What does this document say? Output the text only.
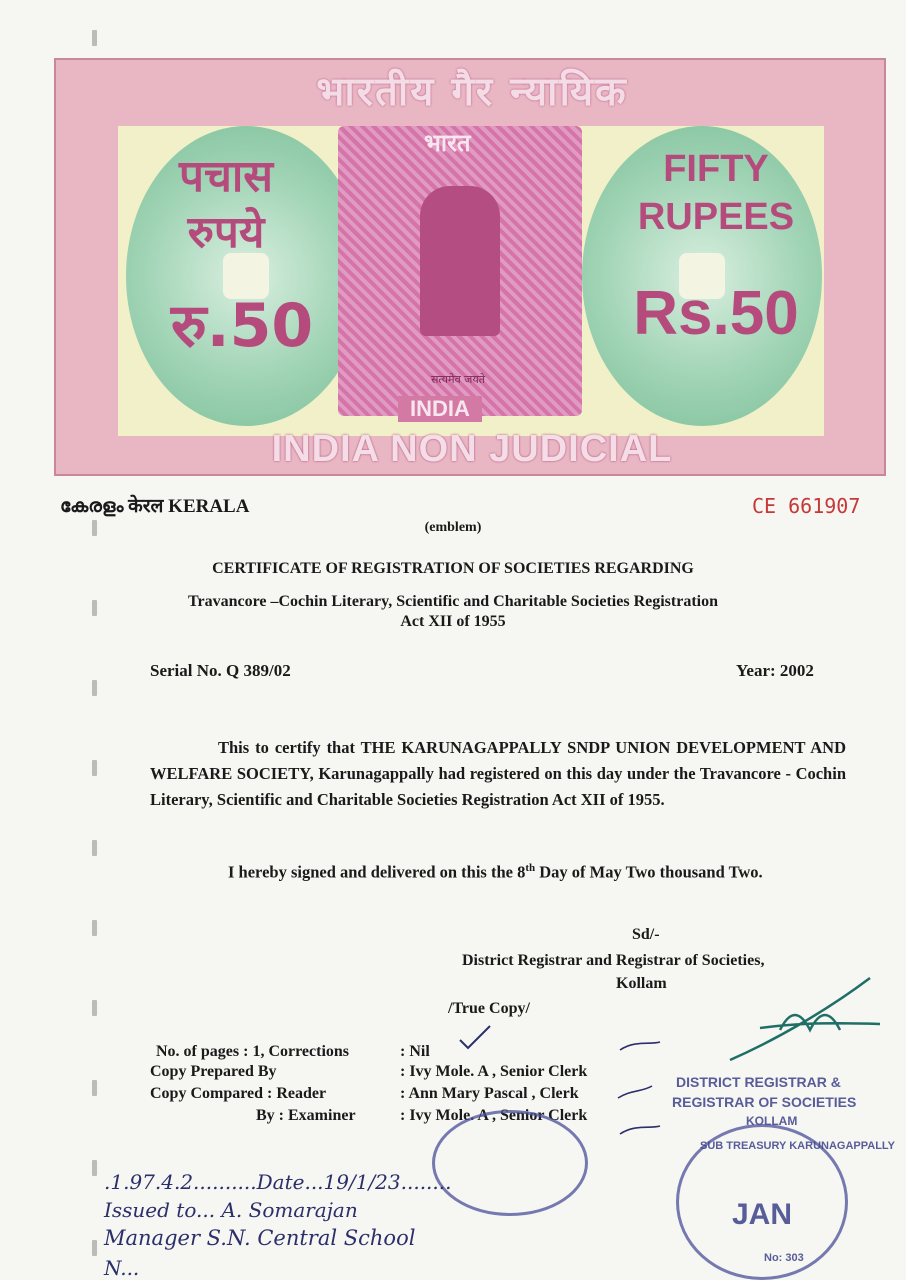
भारतीय गैर न्यायिक
भारत
पचास
रुपये
रु.50
FIFTY
RUPEES
Rs.50
सत्यमेव जयते
INDIA
INDIA NON JUDICIAL
കേരളം केरल KERALA	CE 661907
(emblem)
CERTIFICATE OF REGISTRATION OF SOCIETIES REGARDING
Travancore –Cochin Literary, Scientific and Charitable Societies Registration
Act XII of 1955
Serial No. Q 389/02	Year: 2002
This to certify that THE KARUNAGAPPALLY SNDP UNION DEVELOPMENT AND WELFARE SOCIETY, Karunagappally had registered on this day under the Travancore - Cochin Literary, Scientific and Charitable Societies Registration Act XII of 1955.
I hereby signed and delivered on this the 8th Day of May Two thousand Two.
Sd/-
District Registrar and Registrar of Societies,
Kollam
/True Copy/
No. of pages : 1, Corrections	: Nil
Copy Prepared By	: Ivy Mole. A , Senior Clerk
Copy Compared : Reader	: Ann Mary Pascal , Clerk
By : Examiner	: Ivy Mole. A , Senior Clerk
DISTRICT REGISTRAR &
REGISTRAR OF SOCIETIES
KOLLAM
SUB TREASURY KARUNAGAPPALLY
JAN
No: 303
.1.97.4.2..........Date...19/1/23........
Issued to... A. Somarajan
Manager S.N. Central School
N...
